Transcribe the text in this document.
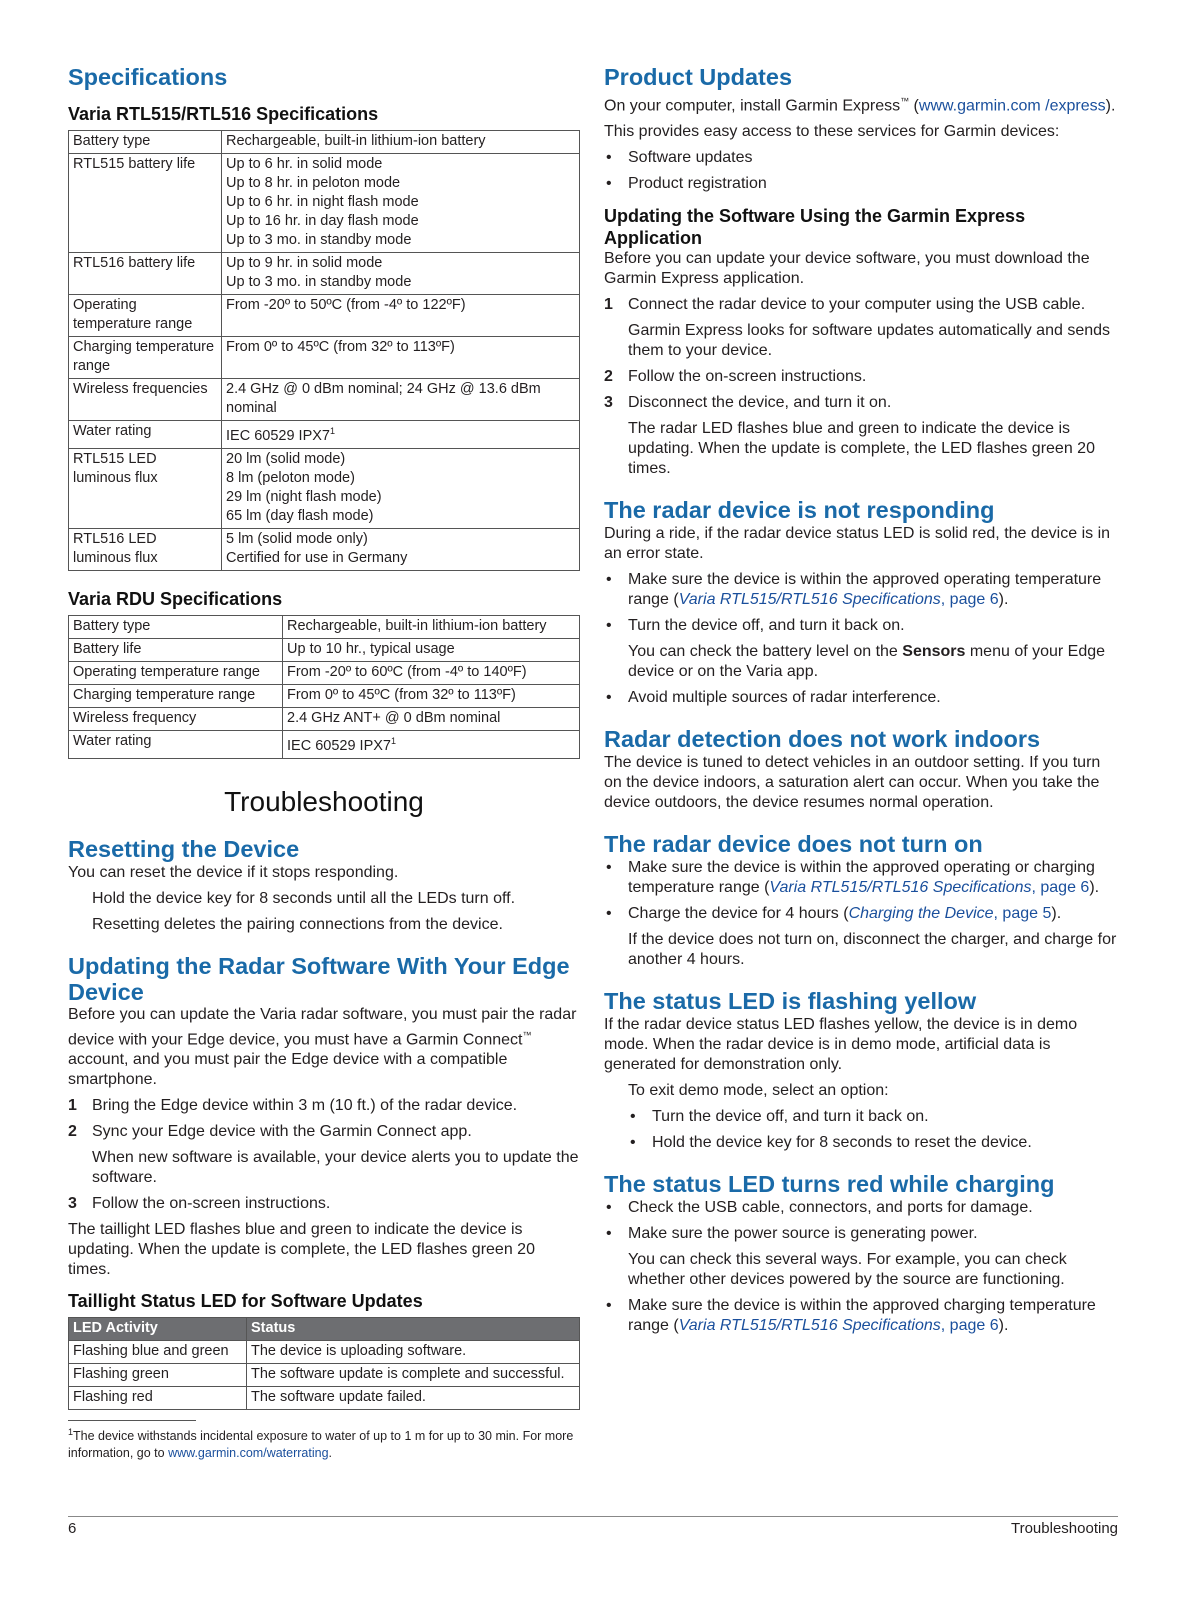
Specifications
Varia RTL515/RTL516 Specifications
Battery type	Rechargeable, built-in lithium-ion battery

RTL515 battery life	Up to 6 hr. in solid mode
Up to 8 hr. in peloton mode
Up to 6 hr. in night flash mode
Up to 16 hr. in day flash mode
Up to 3 mo. in standby mode

RTL516 battery life	Up to 9 hr. in solid mode
Up to 3 mo. in standby mode

Operating temperature range	From -20º to 50ºC (from -4º to 122ºF)

Charging temperature range	From 0º to 45ºC (from 32º to 113ºF)

Wireless frequencies	2.4 GHz @ 0 dBm nominal; 24 GHz @ 13.6 dBm nominal

Water rating	IEC 60529 $IPX7^1$

RTL515 LED luminous flux	20 lm (solid mode)
8 lm (peloton mode)
29 lm (night flash mode)
65 lm (day flash mode)

RTL516 LED luminous flux	5 lm (solid mode only)
Certified for use in Germany
Varia RDU Specifications
Battery type	Rechargeable, built-in lithium-ion battery
Battery life	Up to 10 hr., typical usage
Operating temperature range	From -20º to 60ºC (from -4º to 140ºF)
Charging temperature range	From 0º to 45ºC (from 32º to 113ºF)
Wireless frequency	2.4 GHz ANT+ @ 0 dBm nominal
Water rating	IEC 60529 $IPX7^1$
Troubleshooting
Resetting the Device

You can reset the device if it stops responding.

Hold the device key for 8 seconds until all the LEDs turn off.

Resetting deletes the pairing connections from the device.

Updating the Radar Software With Your Edge Device

Before you can update the Varia radar software, you must pair the radar device with your Edge device, you must have a Garmin Connect™ account, and you must pair the Edge device with a compatible smartphone.

1 Bring the Edge device within 3 m (10 ft.) of the radar device.
2 Sync your Edge device with the Garmin Connect app.
When new software is available, your device alerts you to update the software.
3 Follow the on-screen instructions.

The taillight LED flashes blue and green to indicate the device is updating. When the update is complete, the LED flashes green 20 times.

Taillight Status LED for Software Updates
LED Activity	Status
Flashing blue and green	The device is uploading software.
Flashing green	The software update is complete and successful.
Flashing red	The software update failed.

$^1$The device withstands incidental exposure to water of up to 1 m for up to 30 min. For more information, go to www.garmin.com/waterrating.

Product Updates

On your computer, install Garmin Express™ (www.garmin.com /express).

This provides easy access to these services for Garmin devices:

• Software updates
• Product registration
Updating the Software Using the Garmin Express Application

Before you can update your device software, you must download the Garmin Express application.

1 Connect the radar device to your computer using the USB cable.
Garmin Express looks for software updates automatically and sends them to your device.
2 Follow the on-screen instructions.
3 Disconnect the device, and turn it on.
The radar LED flashes blue and green to indicate the device is updating. When the update is complete, the LED flashes green 20 times.
The radar device is not responding

During a ride, if the radar device status LED is solid red, the device is in an error state.

• Make sure the device is within the approved operating temperature range (Varia RTL515/RTL516 Specifications, page 6).
• Turn the device off, and turn it back on.

You can check the battery level on the Sensors menu of your Edge device or on the Varia app.

• Avoid multiple sources of radar interference.
Radar detection does not work indoors

The device is tuned to detect vehicles in an outdoor setting. If you turn on the device indoors, a saturation alert can occur. When you take the device outdoors, the device resumes normal operation.

The radar device does not turn on
• Make sure the device is within the approved operating or charging temperature range (Varia RTL515/RTL516 Specifications, page 6).
• Charge the device for 4 hours (Charging the Device, page 5).

If the device does not turn on, disconnect the charger, and charge for another 4 hours.

The status LED is flashing yellow

If the radar device status LED flashes yellow, the device is in demo mode. When the radar device is in demo mode, artificial data is generated for demonstration only.

To exit demo mode, select an option:

• Turn the device off, and turn it back on.
• Hold the device key for 8 seconds to reset the device.
The status LED turns red while charging
• Check the USB cable, connectors, and ports for damage.
• Make sure the power source is generating power.

You can check this several ways. For example, you can check whether other devices powered by the source are functioning.

• Make sure the device is within the approved charging temperature range (Varia RTL515/RTL516 Specifications, page 6).
6	Troubleshooting
